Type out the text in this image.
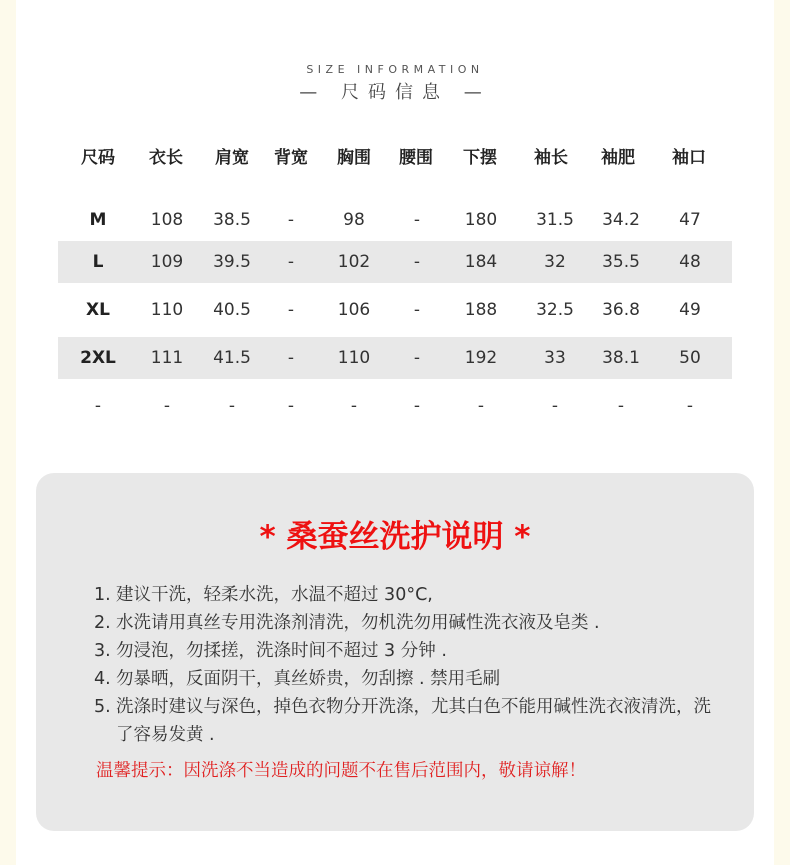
SIZE INFORMATION
— 尺码信息 —
尺码 衣长 肩宽 背宽 胸围 腰围 下摆 袖长 袖肥 袖口
M	108 38.5 -	98	-	180 31.5 34.2 47
L	109 39.5 -	102	-	184	32 35.5 48
XL 110 40.5 -	106	-	188 32.5 36.8 49
2XL 111 41.5 -	110	-	192	33 38.1 50
-	-	-	-	-	-	-	-	-	-
* 桑蚕丝洗护说明 *
1. 建议干洗，轻柔水洗，水温不超过 30°C,
2. 水洗请用真丝专用洗涤剂清洗，勿机洗勿用碱性洗衣液及皂类 .
3. 勿浸泡，勿揉搓，洗涤时间不超过 3 分钟 .
4. 勿暴晒，反面阴干，真丝娇贵，勿刮擦 . 禁用毛刷
5. 洗涤时建议与深色，掉色衣物分开洗涤，尤其白色不能用碱性洗衣液清洗，洗了容易发黄 .
温馨提示：因洗涤不当造成的问题不在售后范围内，敬请谅解！
